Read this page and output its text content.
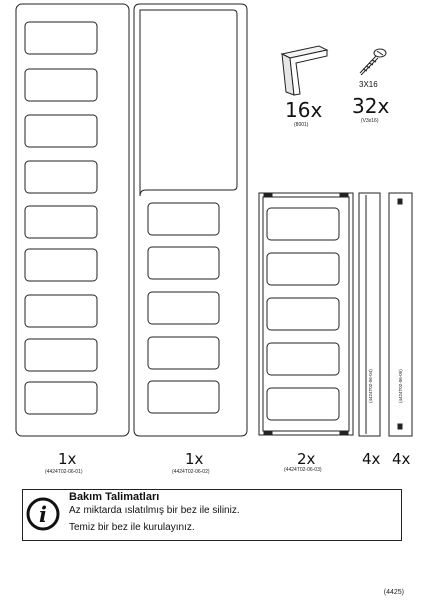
i
1x
(4424T02-06-01)
1x
(4424T02-06-02)
2x
(4424T02-06-03)
4x 4x
(4424T02-06-04)	(4424T02-06-05)
16x
(8001)
3X16
32x
(V3x16)
Bakım Talimatları
Az miktarda ıslatılmış bir bez ile siliniz.
Temiz bir bez ile kurulayınız.
(4425)
